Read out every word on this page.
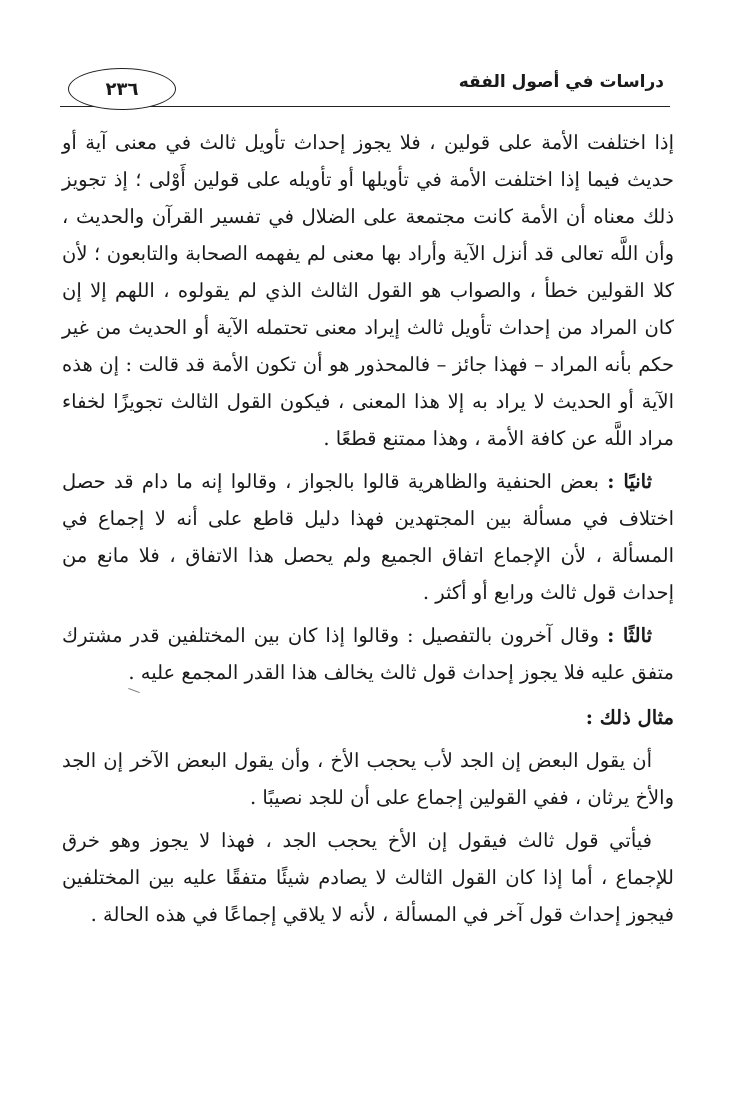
٢٣٦	دراسات في أصول الفقه

إذا اختلفت الأمة على قولين ، فلا يجوز إحداث تأويل ثالث في معنى آية أو حديث فيما إذا اختلفت الأمة في تأويلها أو تأويله على قولين أَوْلى ؛ إذ تجويز ذلك معناه أن الأمة كانت مجتمعة على الضلال في تفسير القرآن والحديث ، وأن اللَّه تعالى قد أنزل الآية وأراد بها معنى لم يفهمه الصحابة والتابعون ؛ لأن كلا القولين خطأ ، والصواب هو القول الثالث الذي لم يقولوه ، اللهم إلا إن كان المراد من إحداث تأويل ثالث إيراد معنى تحتمله الآية أو الحديث من غير حكم بأنه المراد – فهذا جائز – فالمحذور هو أن تكون الأمة قد قالت : إن هذه الآية أو الحديث لا يراد به إلا هذا المعنى ، فيكون القول الثالث تجويزًا لخفاء مراد اللَّه عن كافة الأمة ، وهذا ممتنع قطعًا .

ثانيًا : بعض الحنفية والظاهرية قالوا بالجواز ، وقالوا إنه ما دام قد حصل اختلاف في مسألة بين المجتهدين فهذا دليل قاطع على أنه لا إجماع في المسألة ، لأن الإجماع اتفاق الجميع ولم يحصل هذا الاتفاق ، فلا مانع من إحداث قول ثالث ورابع أو أكثر .

ثالثًا : وقال آخرون بالتفصيل : وقالوا إذا كان بين المختلفين قدر مشترك متفق عليه فلا يجوز إحداث قول ثالث يخالف هذا القدر المجمع عليه .

مثال ذلك :

أن يقول البعض إن الجد لأب يحجب الأخ ، وأن يقول البعض الآخر إن الجد والأخ يرثان ، ففي القولين إجماع على أن للجد نصيبًا .

فيأتي قول ثالث فيقول إن الأخ يحجب الجد ، فهذا لا يجوز وهو خرق للإجماع ، أما إذا كان القول الثالث لا يصادم شيئًا متفقًا عليه بين المختلفين فيجوز إحداث قول آخر في المسألة ، لأنه لا يلاقي إجماعًا في هذه الحالة .
